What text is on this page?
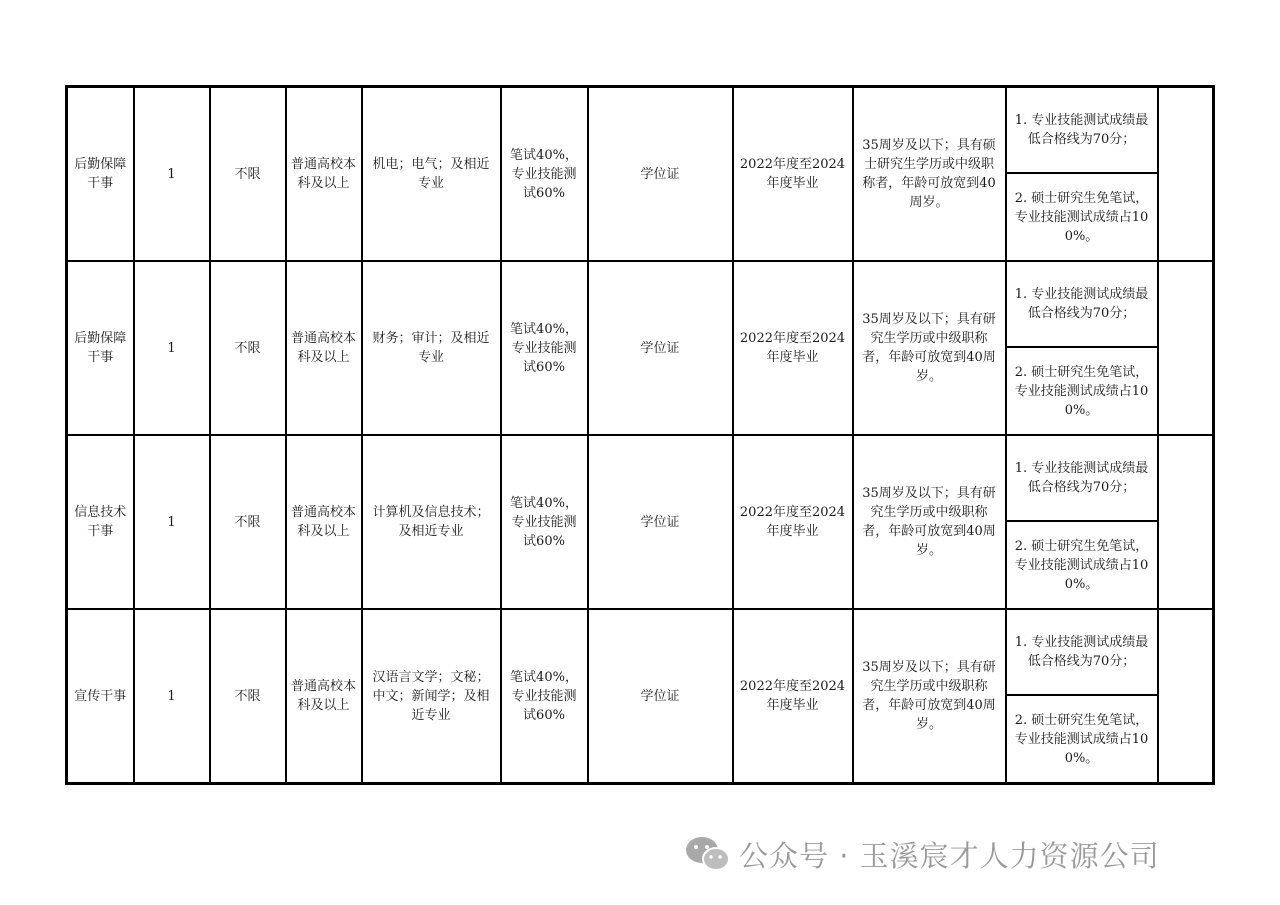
后勤保障干事	1	不限	普通高校本科及以上	机电；电气；及相近专业	笔试40%，专业技能测试60%	学位证	2022年度至2024年度毕业	35周岁及以下；具有硕士研究生学历或中级职称者，年龄可放宽到40周岁。	1. 专业技能测试成绩最低合格线为70分；	
									2. 硕士研究生免笔试，专业技能测试成绩占100%。	
后勤保障干事	1	不限	普通高校本科及以上	财务；审计；及相近专业	笔试40%，专业技能测试60%	学位证	2022年度至2024年度毕业	35周岁及以下；具有研究生学历或中级职称者，年龄可放宽到40周岁。	1. 专业技能测试成绩最低合格线为70分；	
									2. 硕士研究生免笔试，专业技能测试成绩占100%。	
信息技术干事	1	不限	普通高校本科及以上	计算机及信息技术；及相近专业	笔试40%，专业技能测试60%	学位证	2022年度至2024年度毕业	35周岁及以下；具有研究生学历或中级职称者，年龄可放宽到40周岁。	1. 专业技能测试成绩最低合格线为70分；	
									2. 硕士研究生免笔试，专业技能测试成绩占100%。	
宣传干事	1	不限	普通高校本科及以上	汉语言文学；文秘；中文；新闻学；及相近专业	笔试40%，专业技能测试60%	学位证	2022年度至2024年度毕业	35周岁及以下；具有研究生学历或中级职称者，年龄可放宽到40周岁。	1. 专业技能测试成绩最低合格线为70分；	
									2. 硕士研究生免笔试，专业技能测试成绩占100%。	
公众号 · 玉溪宸才人力资源公司
